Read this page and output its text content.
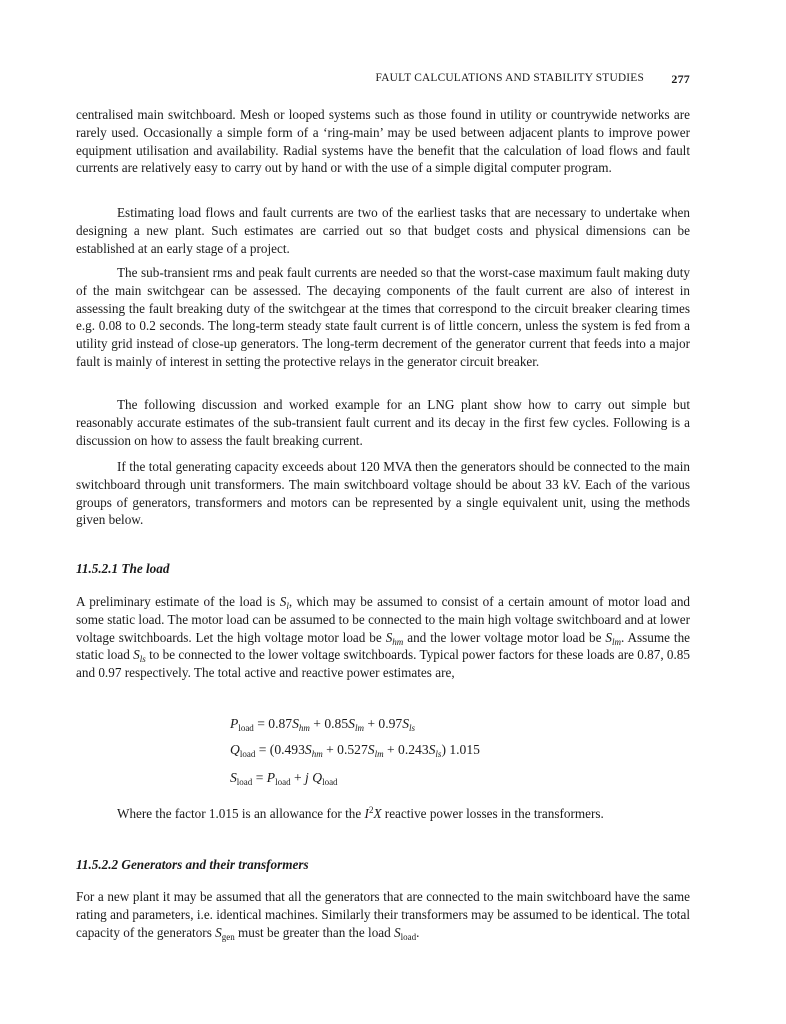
FAULT CALCULATIONS AND STABILITY STUDIES 277

centralised main switchboard. Mesh or looped systems such as those found in utility or countrywide networks are rarely used. Occasionally a simple form of a ‘ring-main’ may be used between adjacent plants to improve power equipment utilisation and availability. Radial systems have the benefit that the calculation of load flows and fault currents are relatively easy to carry out by hand or with the use of a simple digital computer program.

Estimating load flows and fault currents are two of the earliest tasks that are necessary to undertake when designing a new plant. Such estimates are carried out so that budget costs and physical dimensions can be established at an early stage of a project.

The sub-transient rms and peak fault currents are needed so that the worst-case maximum fault making duty of the main switchgear can be assessed. The decaying components of the fault current are also of interest in assessing the fault breaking duty of the switchgear at the times that correspond to the circuit breaker clearing times e.g. 0.08 to 0.2 seconds. The long-term steady state fault current is of little concern, unless the system is fed from a utility grid instead of close-up generators. The long-term decrement of the generator current that feeds into a major fault is mainly of interest in setting the protective relays in the generator circuit breaker.

The following discussion and worked example for an LNG plant show how to carry out simple but reasonably accurate estimates of the sub-transient fault current and its decay in the first few cycles. Following is a discussion on how to assess the fault breaking current.

If the total generating capacity exceeds about 120 MVA then the generators should be connected to the main switchboard through unit transformers. The main switchboard voltage should be about 33 kV. Each of the various groups of generators, transformers and motors can be represented by a single equivalent unit, using the methods given below.

11.5.2.1 The load

A preliminary estimate of the load is $S_l$, which may be assumed to consist of a certain amount of motor load and some static load. The motor load can be assumed to be connected to the main high voltage switchboard and at lower voltage switchboards. Let the high voltage motor load be $S_{hm}$ and the lower voltage motor load be $S_{lm}$. Assume the static load $S_{ls}$ to be connected to the lower voltage switchboards. Typical power factors for these loads are 0.87, 0.85 and 0.97 respectively. The total active and reactive power estimates are,

$P_{load} = 0.87S_{hm} + 0.85S_{lm} + 0.97S_{ls}$
$Q_{load} = (0.493S_{hm} + 0.527S_{lm} + 0.243S_{ls})$ 1.015
$S_{load} = P_{load} + j$ $Q_{load}$

Where the factor 1.015 is an allowance for the $I^2X$ reactive power losses in the transformers.

11.5.2.2 Generators and their transformers

For a new plant it may be assumed that all the generators that are connected to the main switchboard have the same rating and parameters, i.e. identical machines. Similarly their transformers may be assumed to be identical. The total capacity of the generators $S_{gen}$ must be greater than the load $S_{load}$.
